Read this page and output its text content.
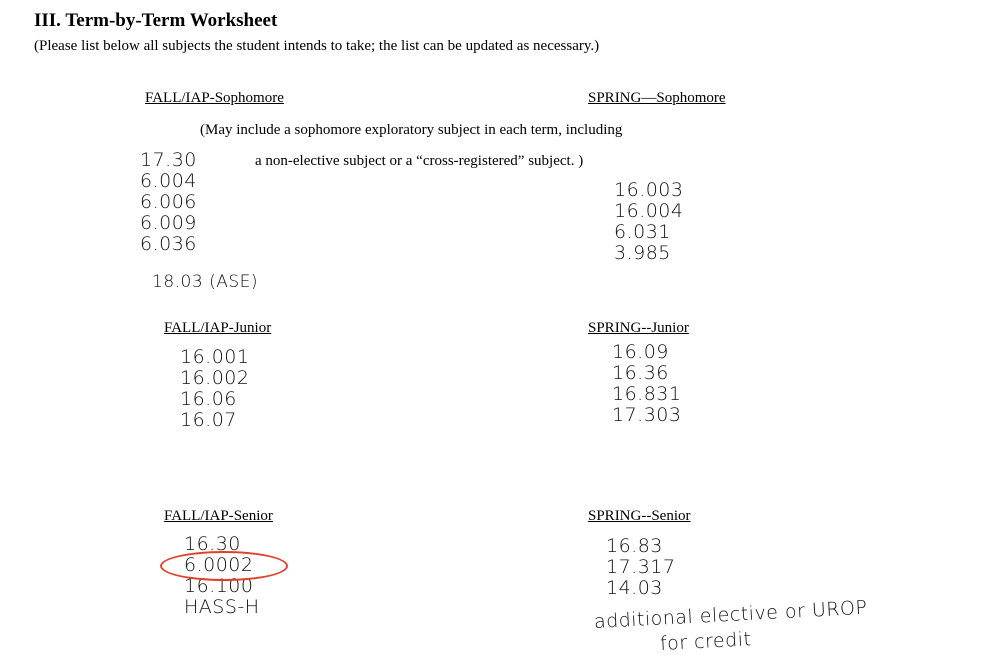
III. Term-by-Term Worksheet
(Please list below all subjects the student intends to take; the list can be updated as necessary.)
FALL/IAP-Sophomore	SPRING—Sophomore
(May include a sophomore exploratory subject in each term, including
a non-elective subject or a “cross-registered” subject. )
17.30
6.004
6.006
6.009
6.036
18.03 (ASE)
16.003
16.004
6.031
3.985
FALL/IAP-Junior	SPRING--Junior
16.001
16.002
16.06
16.07
16.09
16.36
16.831
17.303
FALL/IAP-Senior	SPRING--Senior
16.30
6.0002
16.100
HASS-H
16.83
17.317
14.03
additional elective or UROP
for credit
